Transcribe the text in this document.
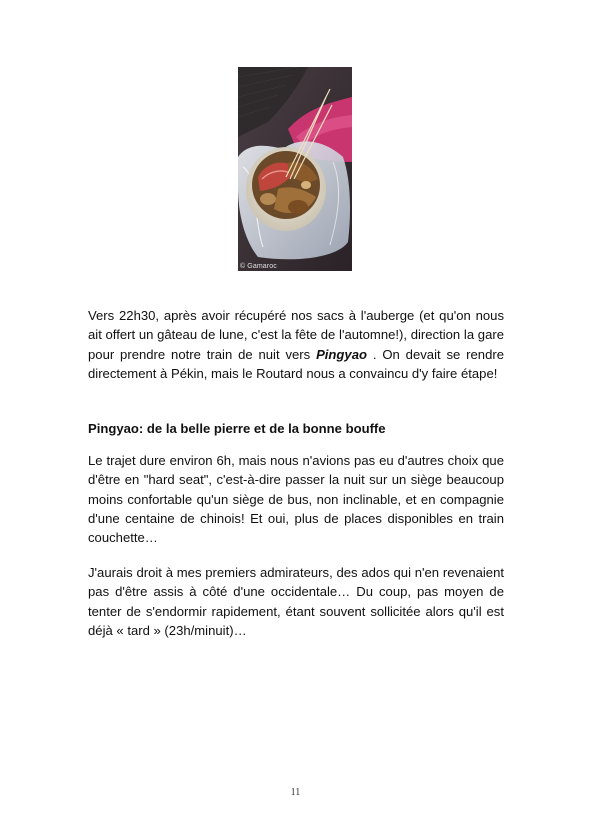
© Gamaroc

Vers 22h30, après avoir récupéré nos sacs à l'auberge (et qu'on nous ait offert un gâteau de lune, c'est la fête de l'automne!), direction la gare pour prendre notre train de nuit vers Pingyao . On devait se rendre directement à Pékin, mais le Routard nous a convaincu d'y faire étape!

Pingyao: de la belle pierre et de la bonne bouffe

Le trajet dure environ 6h, mais nous n'avions pas eu d'autres choix que d'être en "hard seat", c'est-à-dire passer la nuit sur un siège beaucoup moins confortable qu'un siège de bus, non inclinable, et en compagnie d'une centaine de chinois! Et oui, plus de places disponibles en train couchette…

J'aurais droit à mes premiers admirateurs, des ados qui n'en revenaient pas d'être assis à côté d'une occidentale… Du coup, pas moyen de tenter de s'endormir rapidement, étant souvent sollicitée alors qu'il est déjà « tard » (23h/minuit)…

11
